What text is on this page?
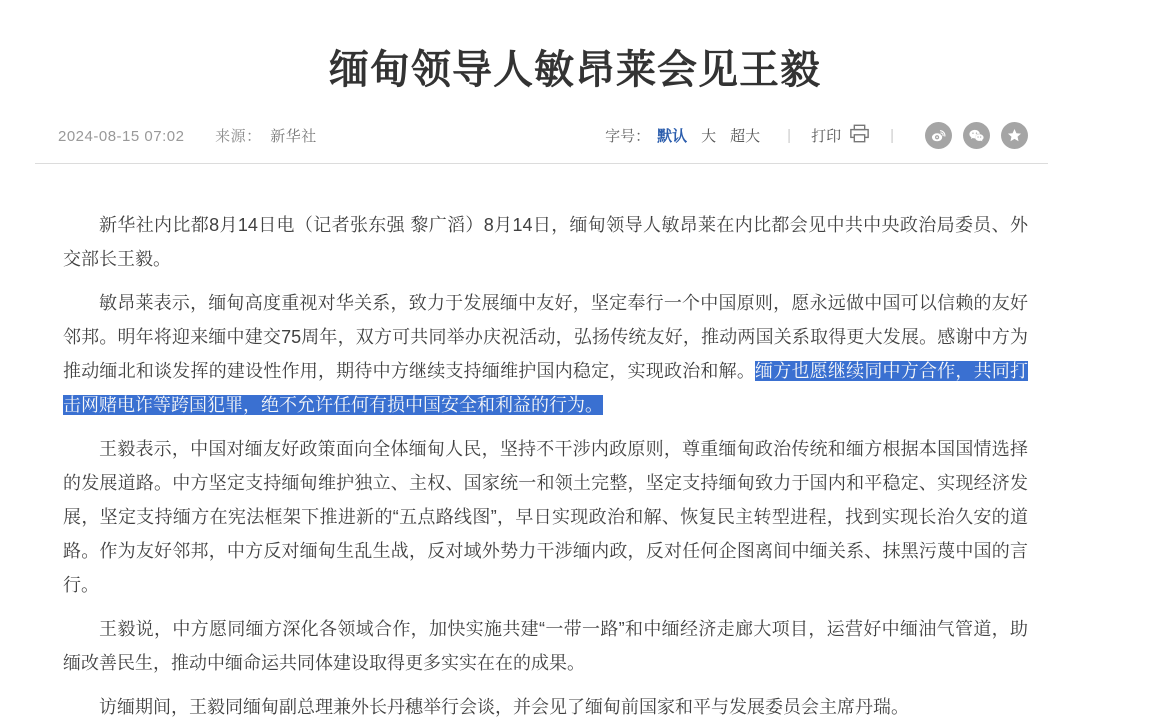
缅甸领导人敏昂莱会见王毅
2024-08-15 07:02 来源： 新华社	字号： 默认 大 超大	| 打印	|

新华社内比都8月14日电（记者张东强 黎广滔）8月14日，缅甸领导人敏昂莱在内比都会见中共中央政治局委员、外交部长王毅。

敏昂莱表示，缅甸高度重视对华关系，致力于发展缅中友好，坚定奉行一个中国原则，愿永远做中国可以信赖的友好邻邦。明年将迎来缅中建交75周年，双方可共同举办庆祝活动，弘扬传统友好，推动两国关系取得更大发展。感谢中方为推动缅北和谈发挥的建设性作用，期待中方继续支持缅维护国内稳定，实现政治和解。缅方也愿继续同中方合作，共同打击网赌电诈等跨国犯罪，绝不允许任何有损中国安全和利益的行为。

王毅表示，中国对缅友好政策面向全体缅甸人民，坚持不干涉内政原则，尊重缅甸政治传统和缅方根据本国国情选择的发展道路。中方坚定支持缅甸维护独立、主权、国家统一和领土完整，坚定支持缅甸致力于国内和平稳定、实现经济发展，坚定支持缅方在宪法框架下推进新的“五点路线图”，早日实现政治和解、恢复民主转型进程，找到实现长治久安的道路。作为友好邻邦，中方反对缅甸生乱生战，反对域外势力干涉缅内政，反对任何企图离间中缅关系、抹黑污蔑中国的言行。

王毅说，中方愿同缅方深化各领域合作，加快实施共建“一带一路”和中缅经济走廊大项目，运营好中缅油气管道，助缅改善民生，推动中缅命运共同体建设取得更多实实在在的成果。

访缅期间，王毅同缅甸副总理兼外长丹穗举行会谈，并会见了缅甸前国家和平与发展委员会主席丹瑞。
